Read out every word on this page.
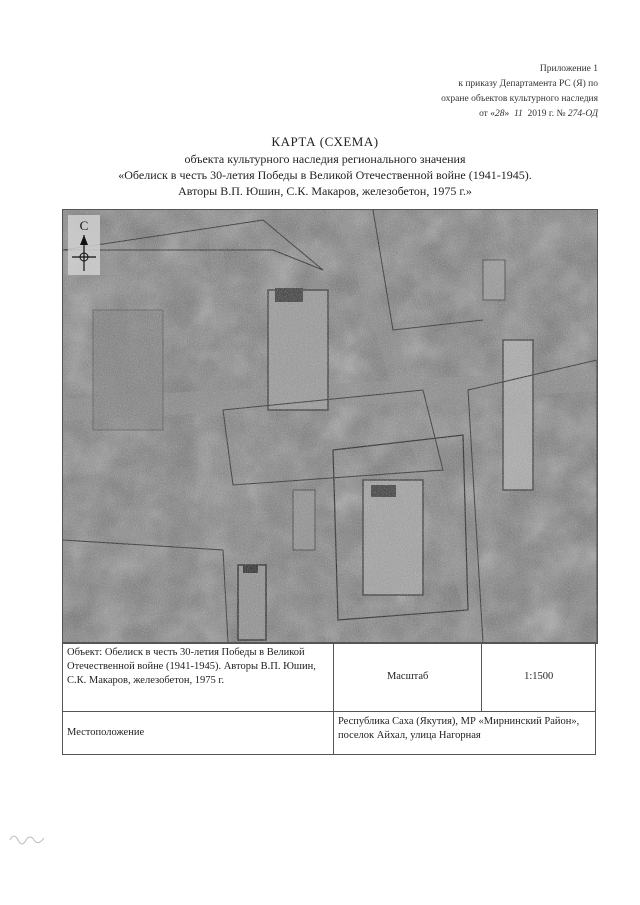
Приложение 1
к приказу Департамента РС (Я) по
охране объектов культурного наследия
от «28» 11 2019 г. № 274-ОД
КАРТА (СХЕМА)
объекта культурного наследия регионального значения
«Обелиск в честь 30-летия Победы в Великой Отечественной войне (1941-1945).
Авторы В.П. Юшин, С.К. Макаров, железобетон, 1975 г.»
С
Объект: Обелиск в честь 30-летия Победы в Великой Отечественной войне (1941-1945). Авторы В.П. Юшин, С.К. Макаров, железобетон, 1975 г.	Масштаб	1:1500
Местоположение	Республика Саха (Якутия), МР «Мирнинский Район», поселок Айхал, улица Нагорная	
